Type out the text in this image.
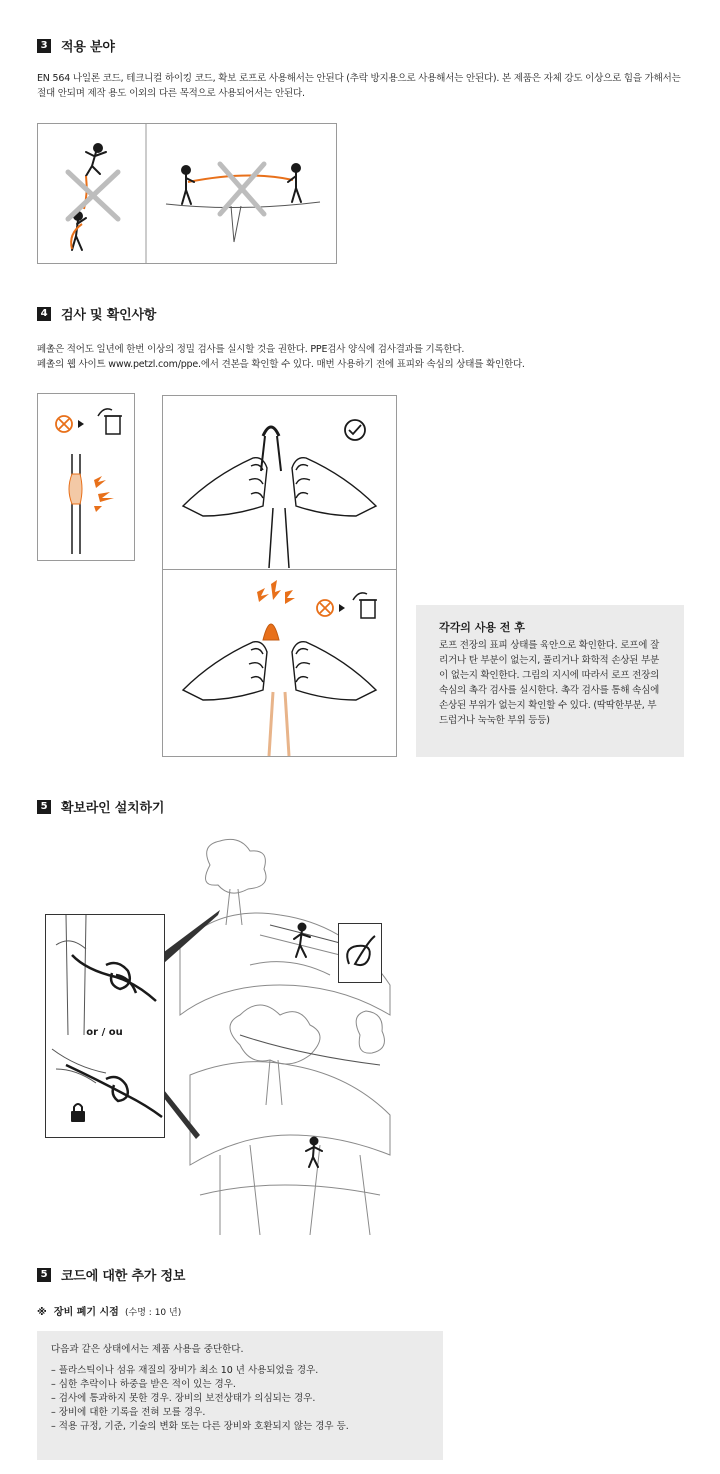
3 적용 분야
EN 564 나일론 코드, 테크니컬 하이킹 코드, 확보 로프로 사용해서는 안된다 (추락 방지용으로 사용해서는 안된다). 본 제품은 자체 강도 이상으로 힘을 가해서는 절대 안되며 제작 용도 이외의 다른 목적으로 사용되어서는 안된다.
4 검사 및 확인사항
페촐은 적어도 일년에 한번 이상의 정밀 검사를 실시할 것을 권한다. PPE검사 양식에 검사결과를 기록한다.
페촐의 웹 사이트 www.petzl.com/ppe.에서 견본을 확인할 수 있다. 매번 사용하기 전에 표피와 속심의 상태를 확인한다.
각각의 사용 전 후
로프 전장의 표피 상태를 육안으로 확인한다. 로프에 잘리거나 탄 부분이 없는지, 풀리거나 화학적 손상된 부분이 없는지 확인한다. 그림의 지시에 따라서 로프 전장의 속심의 촉각 검사를 실시한다. 촉각 검사를 통해 속심에 손상된 부위가 없는지 확인할 수 있다. (딱딱한부분, 부드럽거나 눅눅한 부위 등등)
5 확보라인 설치하기
or / ou
5 코드에 대한 추가 정보
※ 장비 폐기 시점 (수명 : 10 년)
다음과 같은 상태에서는 제품 사용을 중단한다.
– 플라스틱이나 섬유 재질의 장비가 최소 10 년 사용되었을 경우.
– 심한 추락이나 하중을 받은 적이 있는 경우.
– 검사에 통과하지 못한 경우. 장비의 보전상태가 의심되는 경우.
– 장비에 대한 기록을 전혀 모를 경우.
– 적용 규정, 기준, 기술의 변화 또는 다른 장비와 호환되지 않는 경우 등.
